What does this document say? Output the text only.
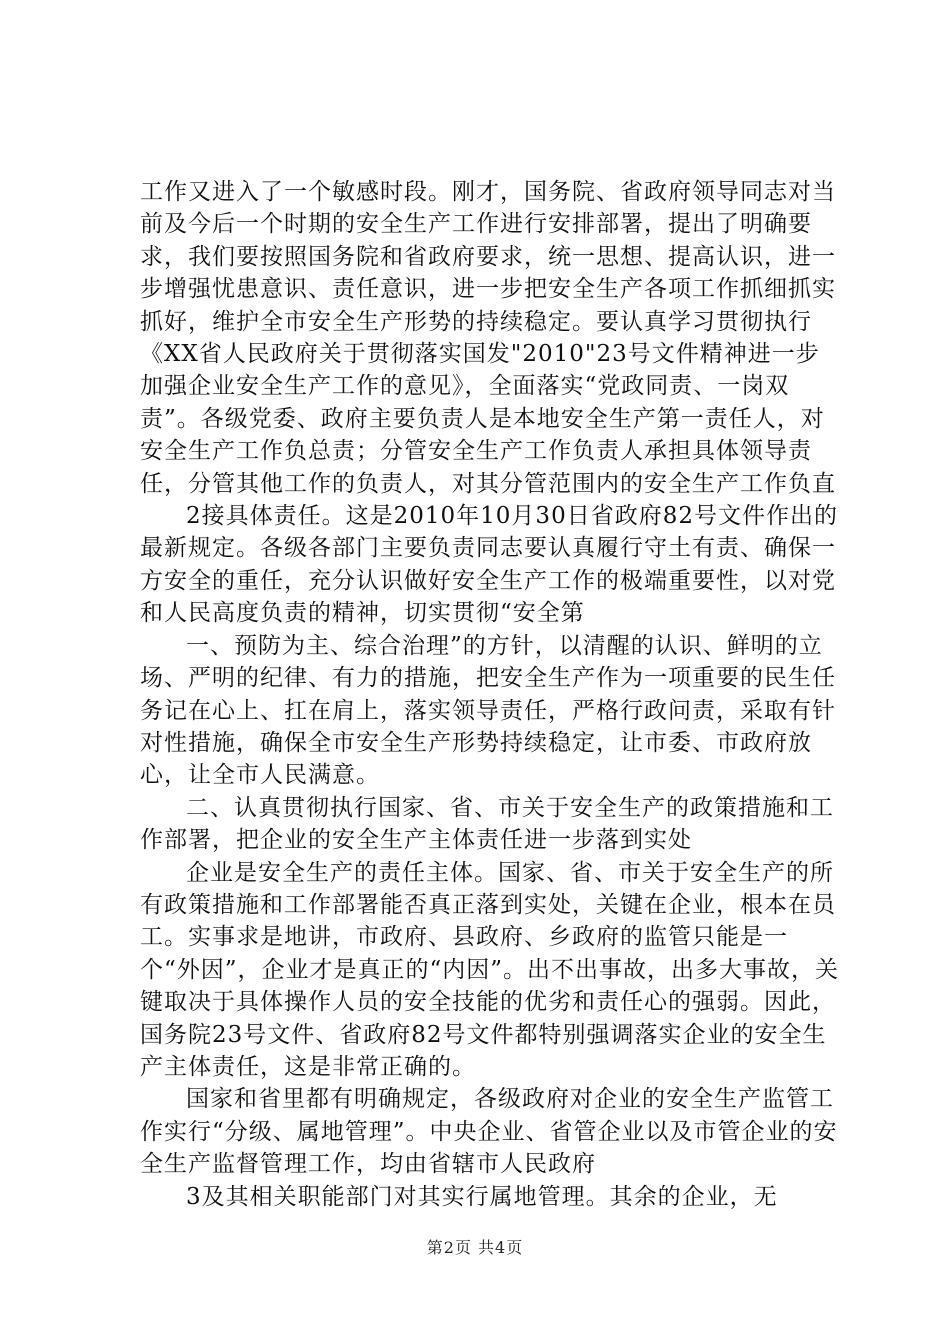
工作又进入了一个敏感时段。刚才，国务院、省政府领导同志对当前及今后一个时期的安全生产工作进行安排部署，提出了明确要求，我们要按照国务院和省政府要求，统一思想、提高认识，进一步增强忧患意识、责任意识，进一步把安全生产各项工作抓细抓实抓好，维护全市安全生产形势的持续稳定。要认真学习贯彻执行《XX省人民政府关于贯彻落实国发"2010"23号文件精神进一步加强企业安全生产工作的意见》，全面落实“党政同责、一岗双责”。各级党委、政府主要负责人是本地安全生产第一责任人，对安全生产工作负总责；分管安全生产工作负责人承担具体领导责任，分管其他工作的负责人，对其分管范围内的安全生产工作负直

2接具体责任。这是2010年10月30日省政府82号文件作出的最新规定。各级各部门主要负责同志要认真履行守土有责、确保一方安全的重任，充分认识做好安全生产工作的极端重要性，以对党和人民高度负责的精神，切实贯彻“安全第

一、预防为主、综合治理”的方针，以清醒的认识、鲜明的立场、严明的纪律、有力的措施，把安全生产作为一项重要的民生任务记在心上、扛在肩上，落实领导责任，严格行政问责，采取有针对性措施，确保全市安全生产形势持续稳定，让市委、市政府放心，让全市人民满意。

二、认真贯彻执行国家、省、市关于安全生产的政策措施和工作部署，把企业的安全生产主体责任进一步落到实处

企业是安全生产的责任主体。国家、省、市关于安全生产的所有政策措施和工作部署能否真正落到实处，关键在企业，根本在员工。实事求是地讲，市政府、县政府、乡政府的监管只能是一个“外因”，企业才是真正的“内因”。出不出事故，出多大事故，关键取决于具体操作人员的安全技能的优劣和责任心的强弱。因此，国务院23号文件、省政府82号文件都特别强调落实企业的安全生产主体责任，这是非常正确的。

国家和省里都有明确规定，各级政府对企业的安全生产监管工作实行“分级、属地管理”。中央企业、省管企业以及市管企业的安全生产监督管理工作，均由省辖市人民政府

3及其相关职能部门对其实行属地管理。其余的企业，无

第2页 共4页
